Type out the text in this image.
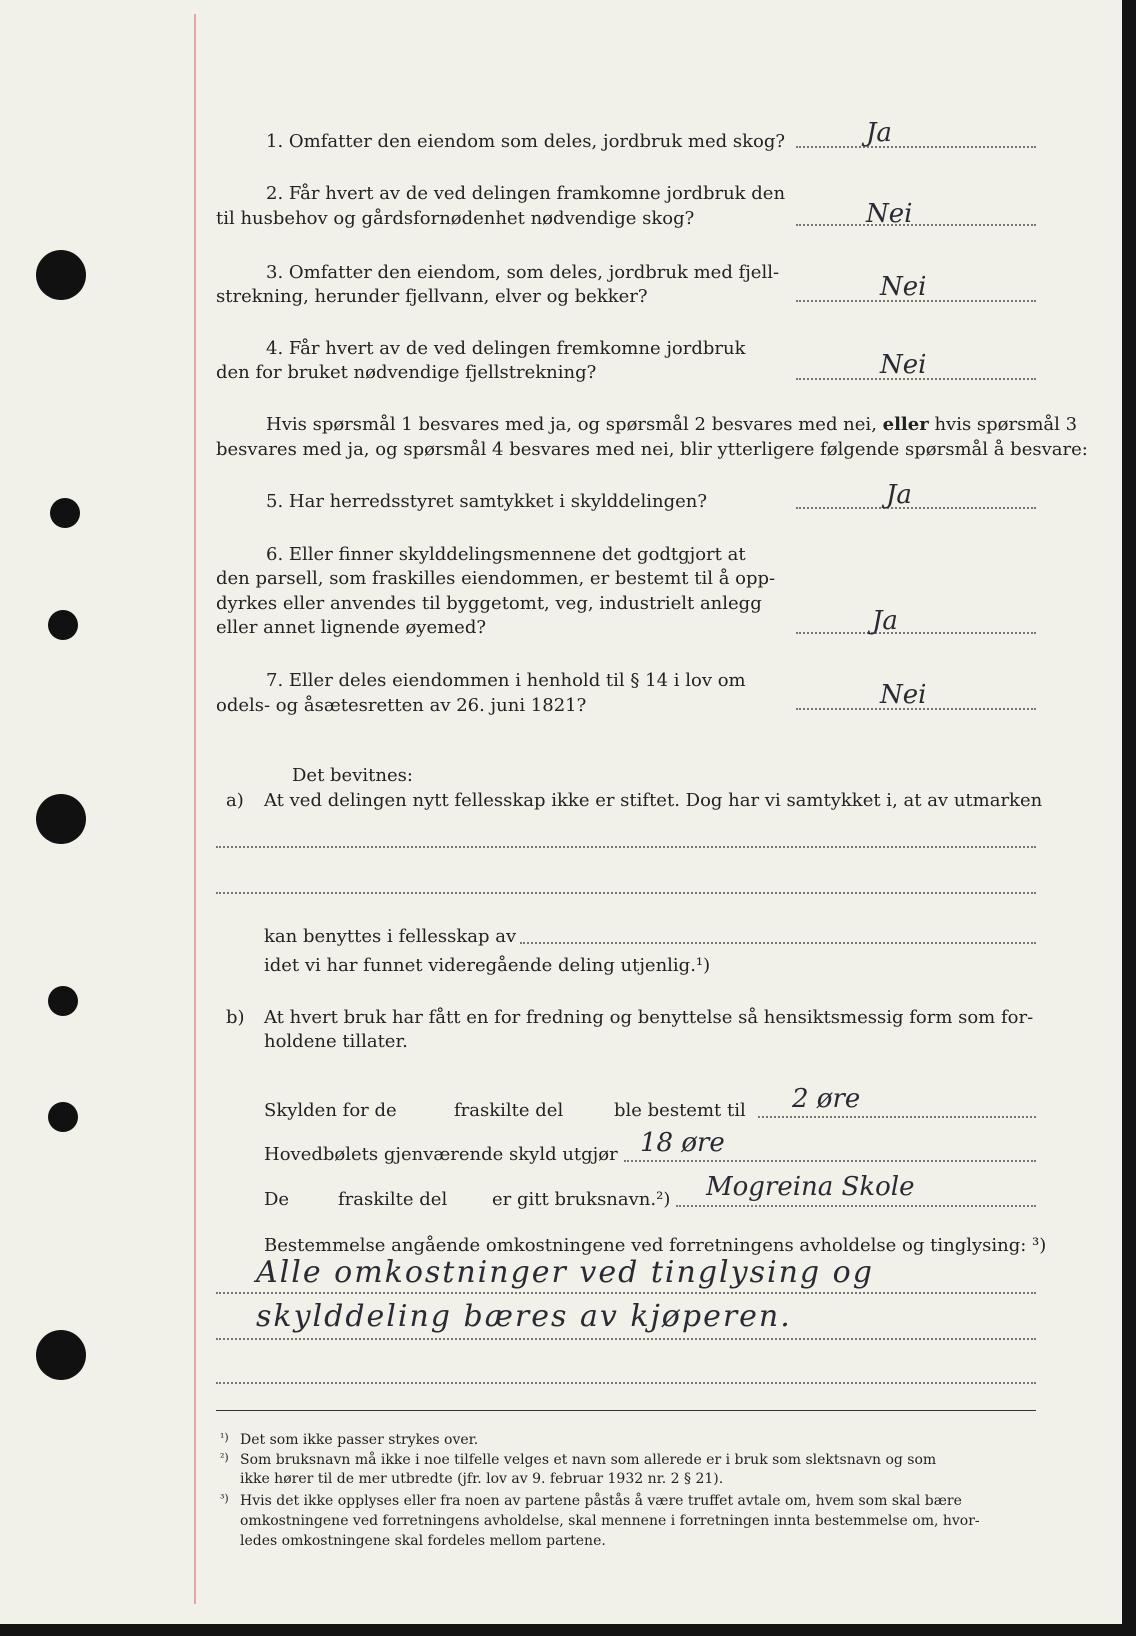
1. Omfatter den eiendom som deles, jordbruk med skog?	Ja
2. Får hvert av de ved delingen framkomne jordbruk den
til husbehov og gårdsfornødenhet nødvendige skog?	Nei
3. Omfatter den eiendom, som deles, jordbruk med fjell-
strekning, herunder fjellvann, elver og bekker?	Nei
4. Får hvert av de ved delingen fremkomne jordbruk
den for bruket nødvendige fjellstrekning?	Nei
Hvis spørsmål 1 besvares med ja, og spørsmål 2 besvares med nei, eller hvis spørsmål 3
besvares med ja, og spørsmål 4 besvares med nei, blir ytterligere følgende spørsmål å besvare:
5. Har herredsstyret samtykket i skylddelingen?	Ja
6. Eller finner skylddelingsmennene det godtgjort at
den parsell, som fraskilles eiendommen, er bestemt til å opp-
dyrkes eller anvendes til byggetomt, veg, industrielt anlegg
eller annet lignende øyemed?	Ja
7. Eller deles eiendommen i henhold til § 14 i lov om
odels- og åsætesretten av 26. juni 1821?	Nei
Det bevitnes:
a) At ved delingen nytt fellesskap ikke er stiftet. Dog har vi samtykket i, at av utmarken
kan benyttes i fellesskap av
idet vi har funnet videregående deling utjenlig.¹)
b) At hvert bruk har fått en for fredning og benyttelse så hensiktsmessig form som for-
holdene tillater.
Skylden for de	fraskilte del	ble bestemt til 2 øre
Hovedbølets gjenværende skyld utgjør 18 øre
De	fraskilte del er gitt bruksnavn.²) Mogreina Skole
Bestemmelse angående omkostningene ved forretningens avholdelse og tinglysing: ³)
Alle omkostninger ved tinglysing og
skylddeling bæres av kjøperen.
¹) Det som ikke passer strykes over.
²) Som bruksnavn må ikke i noe tilfelle velges et navn som allerede er i bruk som slektsnavn og som
ikke hører til de mer utbredte (jfr. lov av 9. februar 1932 nr. 2 § 21).
³) Hvis det ikke opplyses eller fra noen av partene påstås å være truffet avtale om, hvem som skal bære
omkostningene ved forretningens avholdelse, skal mennene i forretningen innta bestemmelse om, hvor-
ledes omkostningene skal fordeles mellom partene.
